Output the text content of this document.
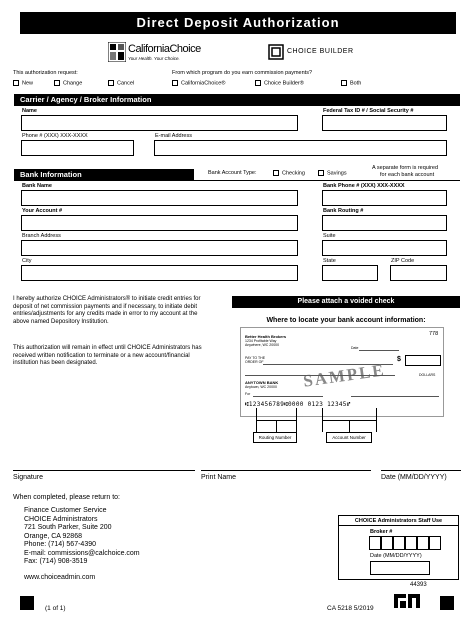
Direct Deposit Authorization
CaliforniaChoice
Your Health. Your Choice.
CHOICE BUILDER
This authorization request:
New	Change	Cancel
From which program do you earn commission payments?
CaliforniaChoice®	Choice Builder®	Both
Carrier / Agency / Broker Information
Name	Federal Tax ID # / Social Security #
Phone # (XXX) XXX-XXXX	E-mail Address
Bank Information	Bank Account Type:	Checking	Savings
A separate form is required
for each bank account
Bank Name	Bank Phone # (XXX) XXX-XXXX
Your Account #	Bank Routing #
Branch Address	Suite
City	State	ZIP Code
I hereby authorize CHOICE Administrators® to initiate credit entries for deposit of net commission payments and if necessary, to initiate debit entries/adjustments for any credits made in error to my account at the above named Depository Institution.
This authorization will remain in effect until CHOICE Administrators has received written notification to terminate or a new account/financial institution has been designated.
Please attach a voided check
Where to locate your bank account information:
Better Health Brokers
1234 Profitable Way
Anywhere, WC 20000
778
Date
PAY TO THE
ORDER OF	$
SAMPLE	DOLLARS
ANYTOWN BANK
Anytown, WC 20000
For
⑆123456789⑆0000 0123 12345⑈
Routing Number	Account Number
Signature	Print Name	Date (MM/DD/YYYY)
When completed, please return to:
Finance Customer Service
CHOICE Administrators
721 South Parker, Suite 200
Orange, CA 92868
Phone: (714) 567-4390
E-mail: commissions@calchoice.com
Fax: (714) 908-3519
www.choiceadmin.com
CHOICE Administrators Staff Use
Broker #
Date (MM/DD/YYYY)
44393
(1 of 1)	CA 5218 5/2019
